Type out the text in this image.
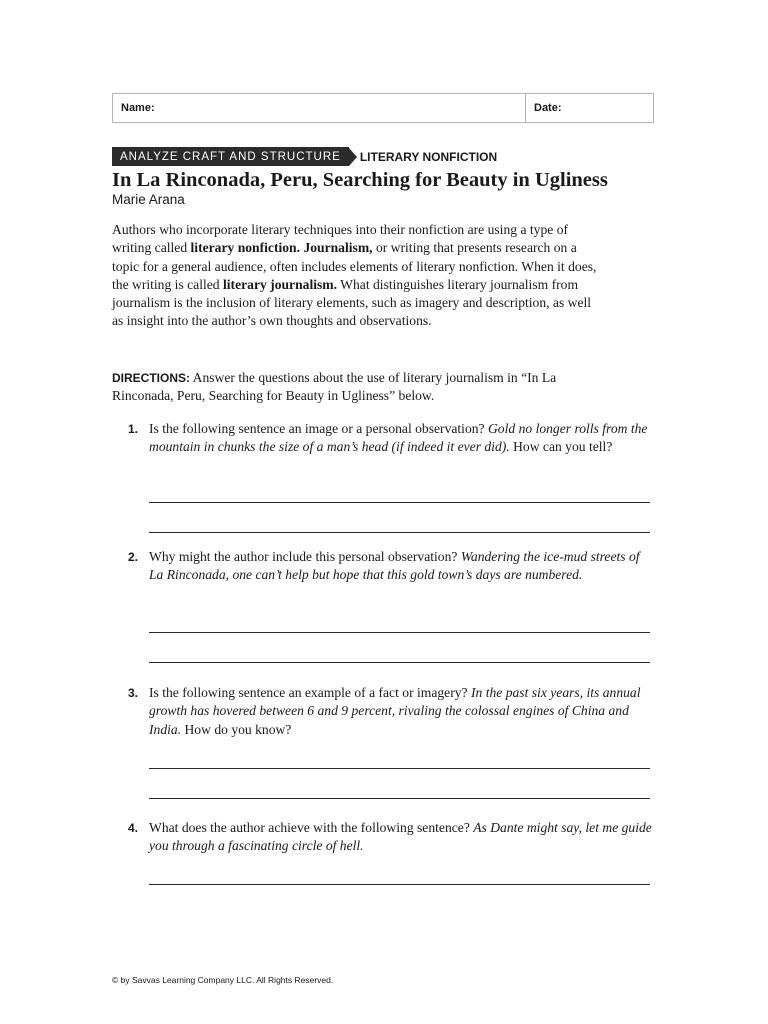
Name:	Date:
ANALYZE CRAFT AND STRUCTURE	LITERARY NONFICTION
In La Rinconada, Peru, Searching for Beauty in Ugliness
Marie Arana

Authors who incorporate literary techniques into their nonfiction are using a type of writing called literary nonfiction. Journalism, or writing that presents research on a topic for a general audience, often includes elements of literary nonfiction. When it does, the writing is called literary journalism. What distinguishes literary journalism from journalism is the inclusion of literary elements, such as imagery and description, as well as insight into the author’s own thoughts and observations.

DIRECTIONS: Answer the questions about the use of literary journalism in “In La Rinconada, Peru, Searching for Beauty in Ugliness” below.

1. Is the following sentence an image or a personal observation? Gold no longer rolls from the mountain in chunks the size of a man’s head (if indeed it ever did). How can you tell?
2. Why might the author include this personal observation? Wandering the ice-mud streets of La Rinconada, one can’t help but hope that this gold town’s days are numbered.
3. Is the following sentence an example of a fact or imagery? In the past six years, its annual growth has hovered between 6 and 9 percent, rivaling the colossal engines of China and India. How do you know?
4. What does the author achieve with the following sentence? As Dante might say, let me guide you through a fascinating circle of hell.
© by Savvas Learning Company LLC. All Rights Reserved.
